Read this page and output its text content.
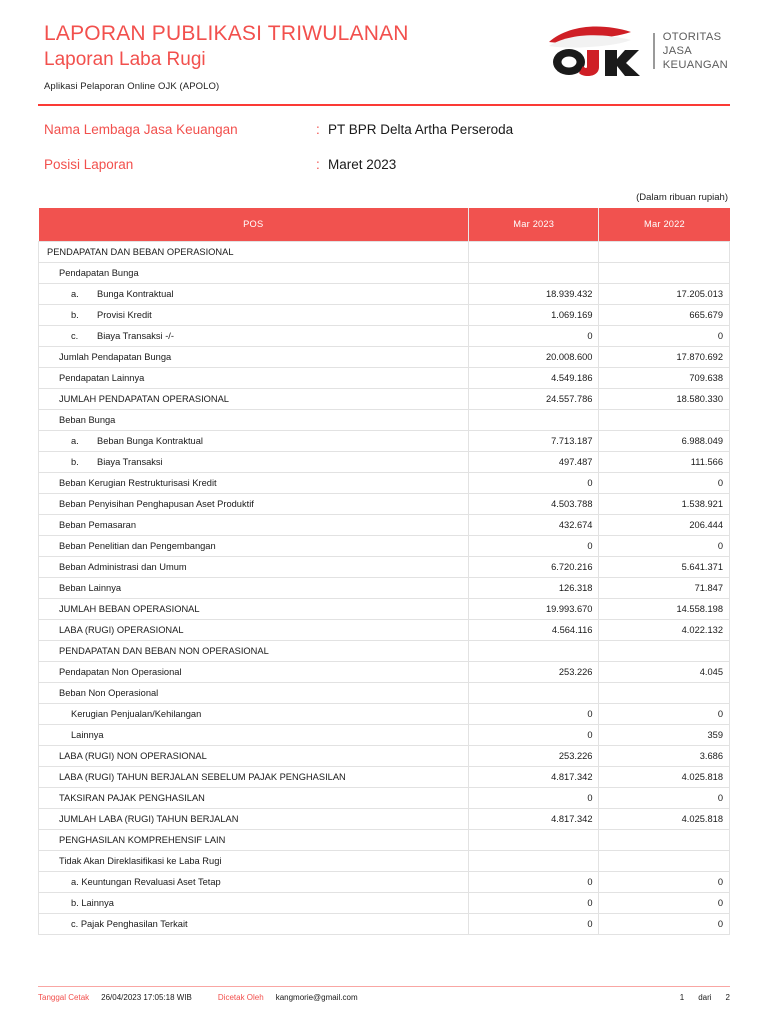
LAPORAN PUBLIKASI TRIWULANAN
Laporan Laba Rugi
Aplikasi Pelaporan Online OJK (APOLO)
OTORITAS
JASA
KEUANGAN
Nama Lembaga Jasa Keuangan	: PT BPR Delta Artha Perseroda
Posisi Laporan	: Maret 2023
(Dalam ribuan rupiah)
POS	Mar 2023	Mar 2022
PENDAPATAN DAN BEBAN OPERASIONAL		
Pendapatan Bunga		

a. Bunga Kontraktual	18.939.432	17.205.013

b. Provisi Kredit	1.069.169	665.679

c. Biaya Transaksi -/-	0	0
Jumlah Pendapatan Bunga	20.008.600	17.870.692
Pendapatan Lainnya	4.549.186	709.638
JUMLAH PENDAPATAN OPERASIONAL	24.557.786	18.580.330
Beban Bunga		

a. Beban Bunga Kontraktual	7.713.187	6.988.049

b. Biaya Transaksi	497.487	111.566
Beban Kerugian Restrukturisasi Kredit	0	0
Beban Penyisihan Penghapusan Aset Produktif	4.503.788	1.538.921
Beban Pemasaran	432.674	206.444
Beban Penelitian dan Pengembangan	0	0
Beban Administrasi dan Umum	6.720.216	5.641.371
Beban Lainnya	126.318	71.847
JUMLAH BEBAN OPERASIONAL	19.993.670	14.558.198
LABA (RUGI) OPERASIONAL	4.564.116	4.022.132
PENDAPATAN DAN BEBAN NON OPERASIONAL		
Pendapatan Non Operasional	253.226	4.045
Beban Non Operasional		
Kerugian Penjualan/Kehilangan	0	0
Lainnya	0	359
LABA (RUGI) NON OPERASIONAL	253.226	3.686
LABA (RUGI) TAHUN BERJALAN SEBELUM PAJAK PENGHASILAN	4.817.342	4.025.818
TAKSIRAN PAJAK PENGHASILAN	0	0
JUMLAH LABA (RUGI) TAHUN BERJALAN	4.817.342	4.025.818
PENGHASILAN KOMPREHENSIF LAIN		
Tidak Akan Direklasifikasi ke Laba Rugi		
a. Keuntungan Revaluasi Aset Tetap	0	0
b. Lainnya	0	0
c. Pajak Penghasilan Terkait	0	0
Tanggal Cetak 26/04/2023 17:05:18 WIB	Dicetak Oleh kangmorie@gmail.com	1 dari 2
